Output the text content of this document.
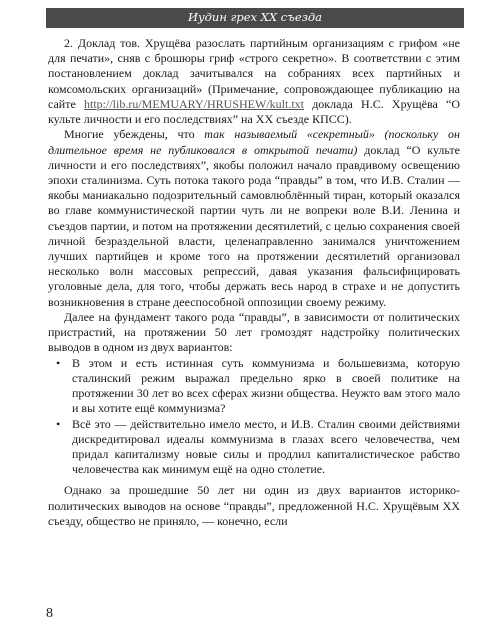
Иудин грех XX съезда

2. Доклад тов. Хрущёва разослать партийным организациям с грифом «не для печати», сняв с брошюры гриф «строго секретно». В соответствии с этим постановлением доклад зачитывался на собраниях всех партийных и комсомольских организаций» (Примечание, сопровождающее публикацию на сайте http://lib.ru/MEMUARY/HRUSHEW/kult.txt доклада Н.С. Хрущёва “О культе личности и его последствиях” на XX съезде КПСС).

Многие убеждены, что так называемый «секретный» (поскольку он длительное время не публиковался в открытой печати) доклад “О культе личности и его последствиях”, якобы положил начало правдивому освещению эпохи сталинизма. Суть потока такого рода “правды” в том, что И.В. Сталин — якобы маниакально подозрительный самовлюблённый тиран, который оказался во главе коммунистической партии чуть ли не вопреки воле В.И. Ленина и съездов партии, и потом на протяжении десятилетий, с целью сохранения своей личной безраздельной власти, целенаправленно занимался уничтожением лучших партийцев и кроме того на протяжении десятилетий организовал несколько волн массовых репрессий, давая указания фальсифицировать уголовные дела, для того, чтобы держать весь народ в страхе и не допустить возникновения в стране дееспособной оппозиции своему режиму.

Далее на фундамент такого рода “правды”, в зависимости от политических пристрастий, на протяжении 50 лет громоздят надстройку политических выводов в одном из двух вариантов:

• В этом и есть истинная суть коммунизма и большевизма, которую сталинский режим выражал предельно ярко в своей политике на протяжении 30 лет во всех сферах жизни общества. Неужто вам этого мало и вы хотите ещё коммунизма?
• Всё это — действительно имело место, и И.В. Сталин своими действиями дискредитировал идеалы коммунизма в глазах всего человечества, чем придал капитализму новые силы и продлил капиталистическое рабство человечества как минимум ещё на одно столетие.

Однако за прошедшие 50 лет ни один из двух вариантов историко-политических выводов на основе “правды”, предложенной Н.С. Хрущёвым XX съезду, общество не приняло, — конечно, если

8
